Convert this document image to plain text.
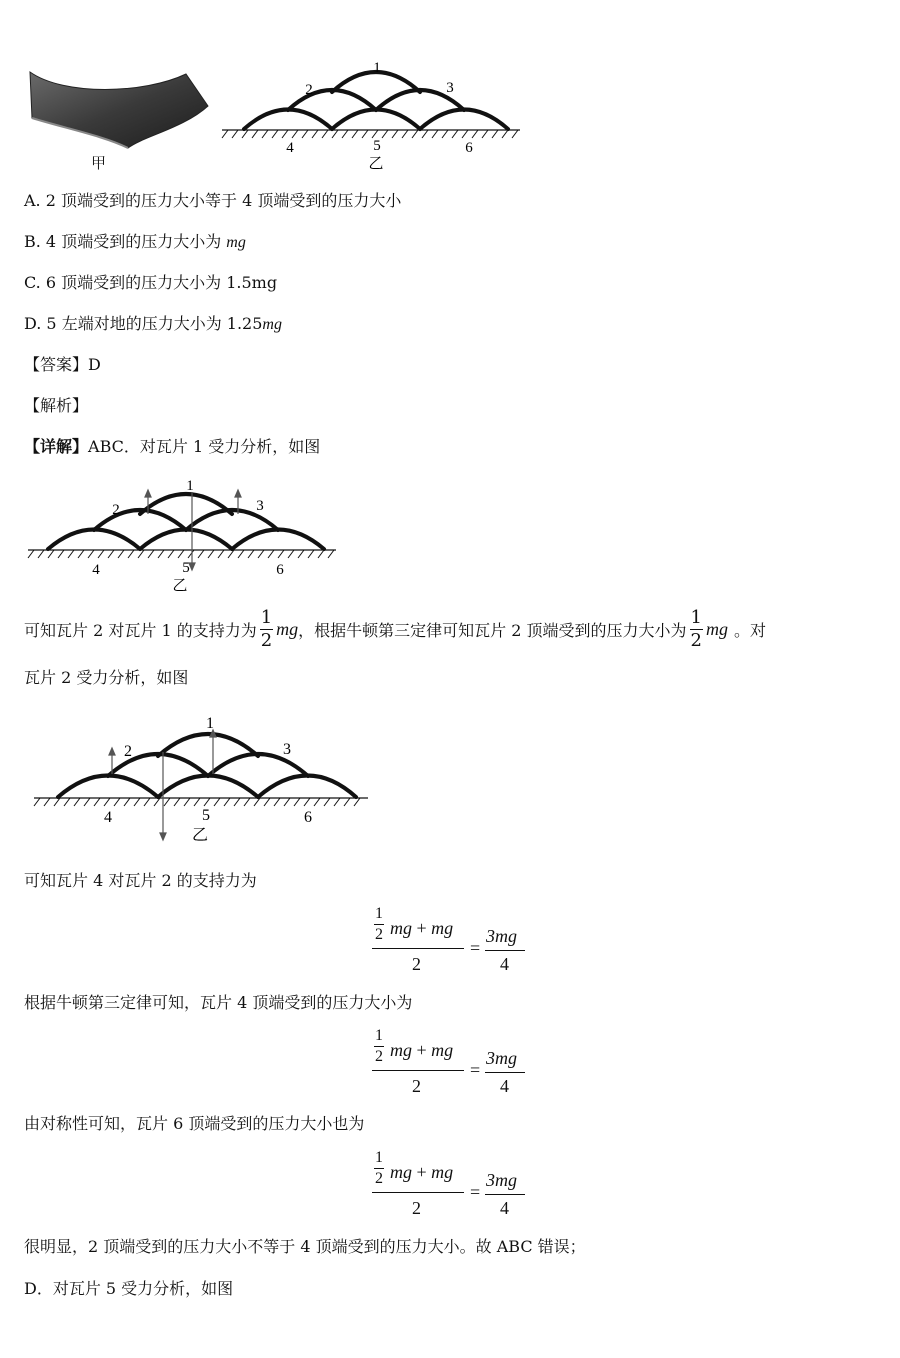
甲
1
2	3
4	5	6
乙
A. 2 顶端受到的压力大小等于 4 顶端受到的压力大小
B. 4 顶端受到的压力大小为 mg
C. 6 顶端受到的压力大小为 1.5mg
D. 5 左端对地的压力大小为 1.25mg
【答案】D
【解析】
【详解】ABC．对瓦片 1 受力分析，如图
1
2	3
4	5	6
乙
可知瓦片 2 对瓦片 1 的支持力为 $\frac{1}{2}$ mg ，根据牛顿第三定律可知瓦片 2 顶端受到的压力大小为 $\frac{1}{2}$ mg 。对
瓦片 2 受力分析，如图
1
2	3
4	5	6
乙
可知瓦片 4 对瓦片 2 的支持力为
$\frac{1}{2}$ mg + mg
2
=
3mg
4
根据牛顿第三定律可知，瓦片 4 顶端受到的压力大小为
$\frac{1}{2}$ mg + mg
2
=
3mg
4
由对称性可知，瓦片 6 顶端受到的压力大小也为
$\frac{1}{2}$ mg + mg
2
=
3mg
4
很明显，2 顶端受到的压力大小不等于 4 顶端受到的压力大小。故 ABC 错误；
D．对瓦片 5 受力分析，如图
